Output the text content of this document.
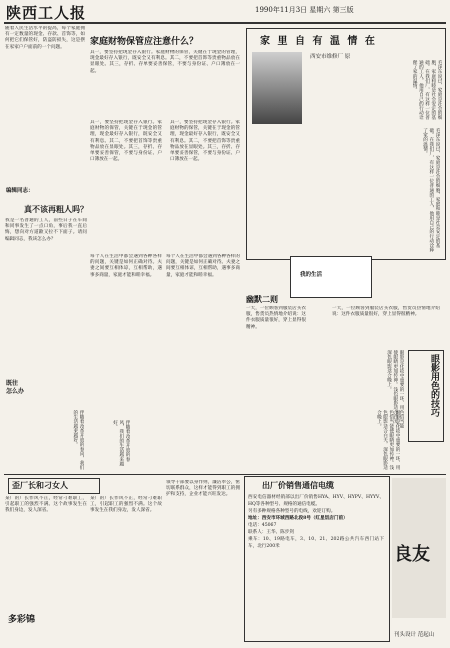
陕西工人报	1990年11月3日 星期六 第三版
随着人民生活水平的提高，每个家庭拥有一定数量的现金、存款、首饰等，如何把它们保管好，防盗防损失，这是摆在家家户户面前的一个问题。
家庭财物保管应注意什么？
其一，要坚持把现金存入银行。家庭财物的保管，关键在于现金的管理，现金最好存入银行，既安全又有利息。其二，不要把首饰等贵重物品放在显眼处。其三，存折、存单要妥善保管，不要与身份证、户口簿放在一起。
其一，要坚持把现金存入银行。家庭财物的保管，关键在于现金的管理，现金最好存入银行，既安全又有利息。其二，不要把首饰等贵重物品放在显眼处。其三，存折、存单要妥善保管，不要与身份证、户口簿放在一起。
其一，要坚持把现金存入银行。家庭财物的保管，关键在于现金的管理，现金最好存入银行，既安全又有利息。其二，不要把首饰等贵重物品放在显眼处。其三，存折、存单要妥善保管，不要与身份证、户口簿放在一起。
家 里 自 有 温 情 在
西安市维修厂 原
毛泽东说过，家庭是社会的细胞，家庭和睦是社会安定的基础。在我们厂，有这样一位普通的工人，他用自己的行动诠释了家的温情。
毛泽东说过，家庭是社会的细胞，家庭和睦是社会安定的基础。在我们厂，有这样一位普通的工人，他用自己的行动诠释了家的温情。
编辑同志：
真不该再粗人吗？
我是一名普通的工人，前些日子在车间和同事发生了一点口角，事后我一直后悔，想向对方道歉又拉不下面子。请问编辑同志，我该怎么办？
既往
怎么办
每个人在生活中都会遇到各种各样的问题，关键是如何正确对待。夫妻之间要互相体谅，互相帮助，遇事多商量，家庭才能和睦幸福。
每个人在生活中都会遇到各种各样的问题，关键是如何正确对待。夫妻之间要互相体谅，互相帮助，遇事多商量，家庭才能和睦幸福。
伴随着改革开放的春风，我们的生活越来越好。	伴随着改革开放的春风，我们的生活越来越好。
我的生活
幽默二则
一天，一位顾客到服装店买衣服，售货员热情地介绍说：这件衣服质量很好，穿上显得很精神。
一天，一位顾客到服装店买衣服，售货员热情地介绍说：这件衣服质量很好，穿上显得很精神。
眼影用色的技巧
眼影是化妆中重要的一环，用色恰当能使眼睛更加传神。浅色眼影适合白天，深色眼影适合晚上。
眼影是化妆中重要的一环，用色恰当能使眼睛更加传神。浅色眼影适合白天，深色眼影适合晚上。
歪厂长和刁女人
某厂的厂长作风不正，经常刁难职工，引起职工的强烈不满。这个故事发生在我们身边，发人深省。
某厂的厂长作风不正，经常刁难职工，引起职工的强烈不满。这个故事发生在我们身边，发人深省。
领导干部要以身作则，廉洁奉公，密切联系群众，这样才能得到职工的拥护和支持，企业才能兴旺发达。
多彩锦
出厂价销售通信电缆
西安电信器材经销部以出厂价销售HYA、HYV、HYPV、HYYV、HQ等各种型号、规格的通信电缆。
另有多种规格各种型号的电线，欢迎订购。
地址：西安市环城西路北段8号（红星饭店门前）
电话：45067
联系人：王华、陈步剑
乘车：10、19路电车，3、10、21、202路公共汽车西门站下车，北行200米	良友
刊头设计 范起山
